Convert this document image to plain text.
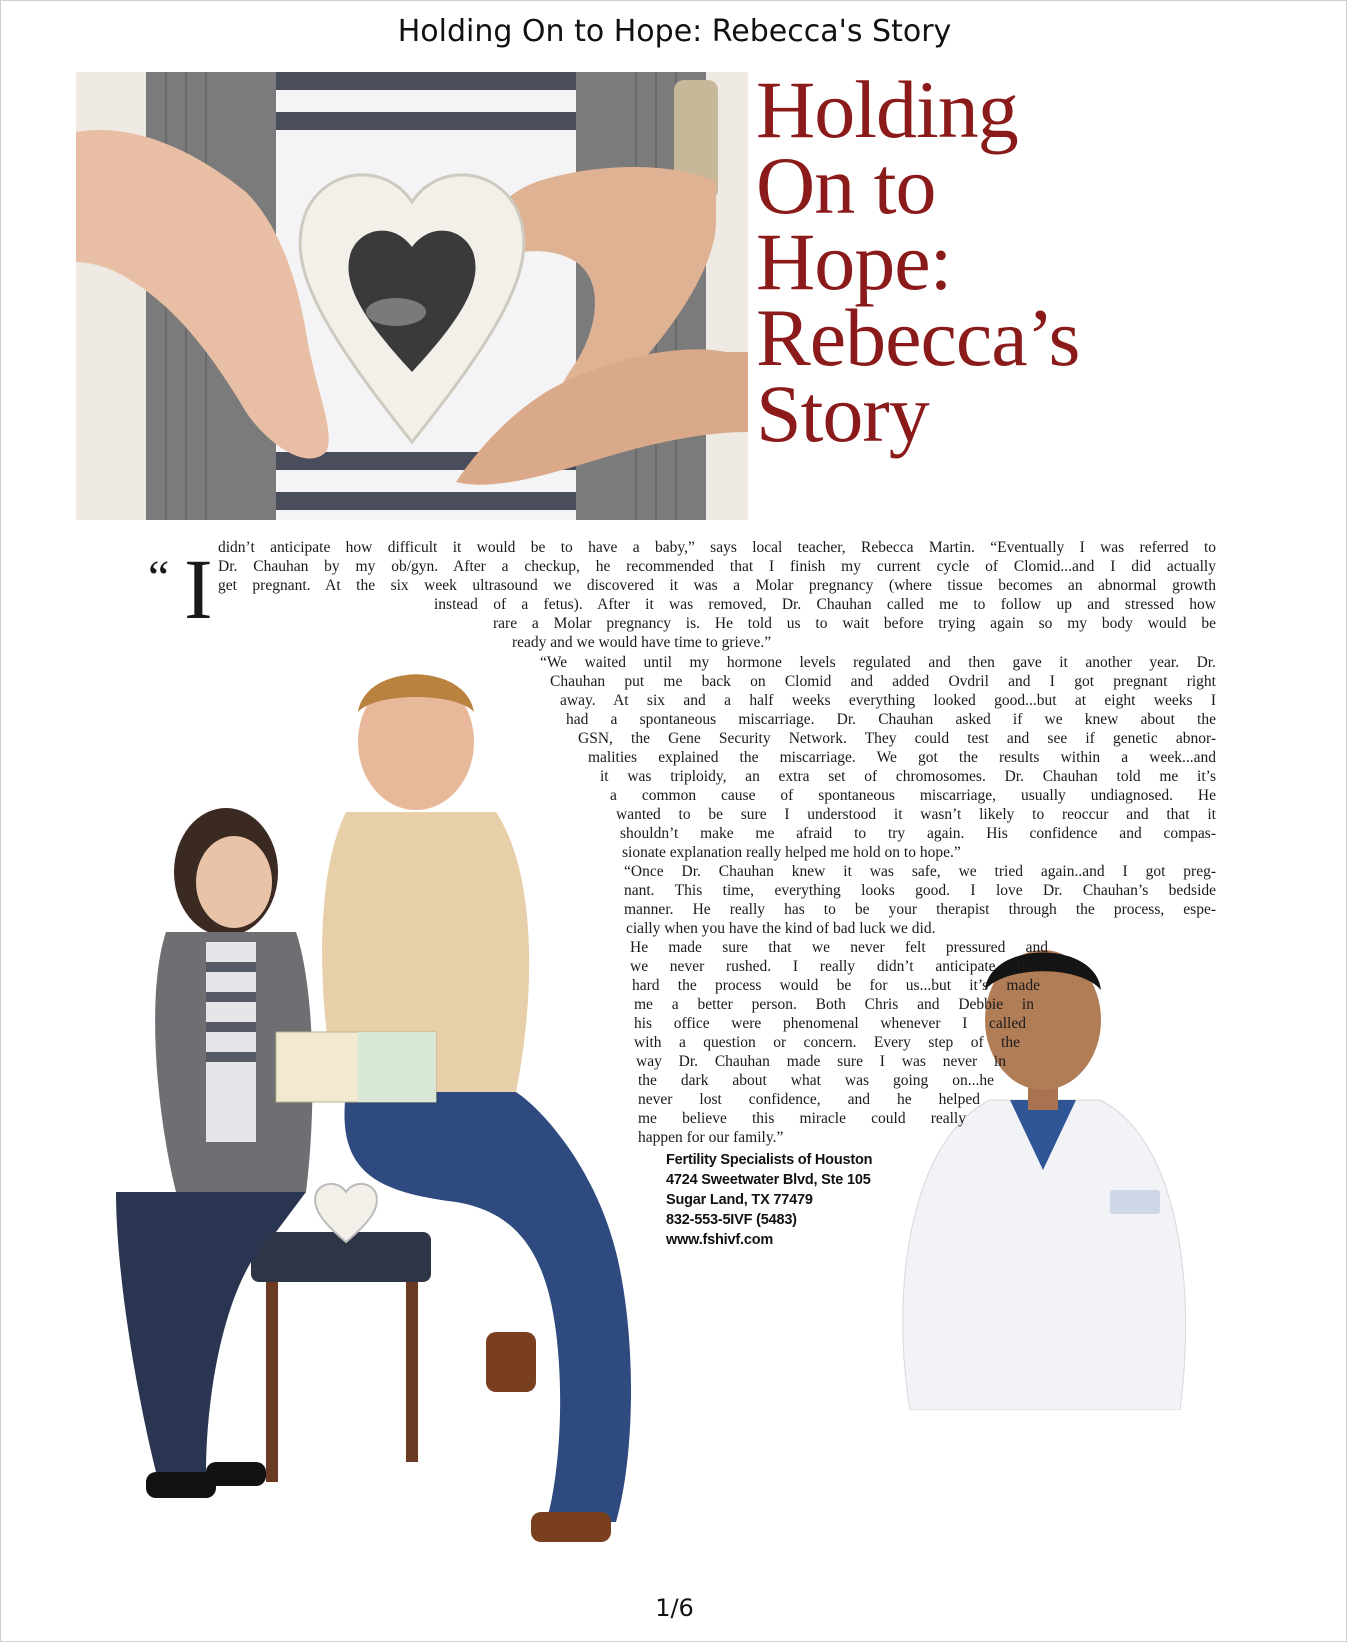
Holding On to Hope: Rebecca's Story
Holding
On to
Hope:
Rebecca’s
Story
“ I didn’t anticipate how difficult it would be to have a baby,” says local teacher, Rebecca Martin. “Eventually I was referred to
Dr. Chauhan by my ob/gyn. After a checkup, he recommended that I finish my current cycle of Clomid...and I did actually
get pregnant. At the six week ultrasound we discovered it was a Molar pregnancy (where tissue becomes an abnormal growth
instead of a fetus). After it was removed, Dr. Chauhan called me to follow up and stressed how
rare a Molar pregnancy is. He told us to wait before trying again so my body would be
ready and we would have time to grieve.”
“We waited until my hormone levels regulated and then gave it another year. Dr.
Chauhan put me back on Clomid and added Ovdril and I got pregnant right
away. At six and a half weeks everything looked good...but at eight weeks I
had a spontaneous miscarriage. Dr. Chauhan asked if we knew about the
GSN, the Gene Security Network. They could test and see if genetic abnor-
malities explained the miscarriage. We got the results within a week...and
it was triploidy, an extra set of chromosomes. Dr. Chauhan told me it’s
a common cause of spontaneous miscarriage, usually undiagnosed. He
wanted to be sure I understood it wasn’t likely to reoccur and that it
shouldn’t make me afraid to try again. His confidence and compas-
sionate explanation really helped me hold on to hope.”
“Once Dr. Chauhan knew it was safe, we tried again..and I got preg-
nant. This time, everything looks good. I love Dr. Chauhan’s bedside
manner. He really has to be your therapist through the process, espe-
cially when you have the kind of bad luck we did.
He made sure that we never felt pressured and
we never rushed. I really didn’t anticipate how
hard the process would be for us...but it’s made
me a better person. Both Chris and Debbie in
his office were phenomenal whenever I called
with a question or concern. Every step of the
way Dr. Chauhan made sure I was never in
the dark about what was going on...he
never lost confidence, and he helped
me believe this miracle could really
happen for our family.”
Fertility Specialists of Houston
4724 Sweetwater Blvd, Ste 105
Sugar Land, TX 77479
832-553-5IVF (5483)
www.fshivf.com
1/6
